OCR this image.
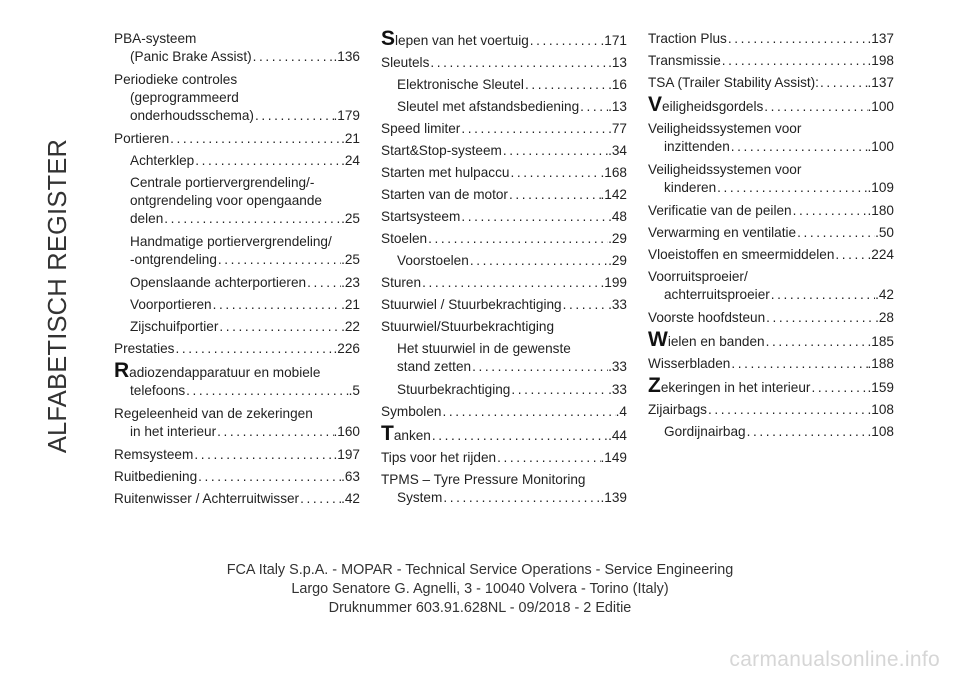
ALFABETISCH REGISTER
PBA-systeem
(Panic Brake Assist) .....	.136
Periodieke controles
(geprogrammeerd
onderhoudsschema) .....	.179
Portieren .....	.21
Achterklep .....	.24
Centrale portiervergrendeling/-
ontgrendeling voor opengaande
delen .....	.25
Handmatige portiervergrendeling/
-ontgrendeling .....	.25
Openslaande achterportieren .....	.23
Voorportieren .....	.21
Zijschuifportier .....	.22
Prestaties .....	.226
Radiozendapparatuur en mobiele
telefoons .....	.5
Regeleenheid van de zekeringen
in het interieur .....	.160
Remsysteem .....	.197
Ruitbediening .....	.63
Ruitenwisser / Achterruitwisser .....	.42
Slepen van het voertuig .....	.171
Sleutels .....	.13
Elektronische Sleutel .....	.16
Sleutel met afstandsbediening ..... .13
Speed limiter .....	.77
Start&Stop-systeem .....	.34
Starten met hulpaccu .....	.168
Starten van de motor .....	.142
Startsysteem .....	.48
Stoelen .....	.29
Voorstoelen .....	.29
Sturen .....	.199
Stuurwiel / Stuurbekrachtiging .....	.33
Stuurwiel/Stuurbekrachtiging
Het stuurwiel in de gewenste
stand zetten .....	.33
Stuurbekrachtiging .....	.33
Symbolen .....	.4
Tanken .....	.44
Tips voor het rijden .....	.149
TPMS – Tyre Pressure Monitoring
System .....	.139
Traction Plus .....	.137
Transmissie .....	.198
TSA (Trailer Stability Assist): .....	.137
Veiligheidsgordels .....	.100
Veiligheidssystemen voor
inzittenden .....	.100
Veiligheidssystemen voor
kinderen .....	.109
Verificatie van de peilen .....	.180
Verwarming en ventilatie .....	.50
Vloeistoffen en smeermiddelen ..... .224
Voorruitsproeier/
achterruitsproeier .....	.42
Voorste hoofdsteun .....	.28
Wielen en banden .....	.185
Wisserbladen .....	.188
Zekeringen in het interieur .....	.159
Zijairbags .....	.108
Gordijnairbag .....	.108
FCA Italy S.p.A. - MOPAR - Technical Service Operations - Service Engineering
Largo Senatore G. Agnelli, 3 - 10040 Volvera - Torino (Italy)
Druknummer 603.91.628NL - 09/2018 - 2 Editie
carmanualsonline.info
